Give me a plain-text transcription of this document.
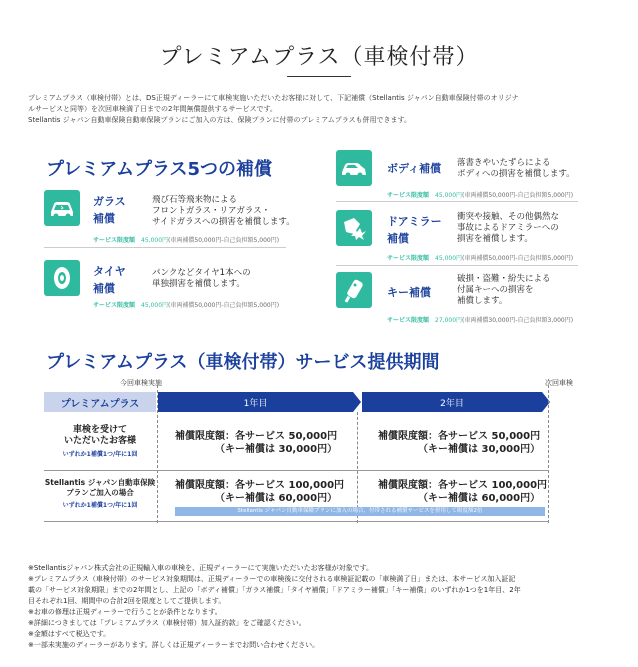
プレミアムプラス（車検付帯）
プレミアムプラス（車検付帯）とは、DS正規ディーラーにて車検実施いただいたお客様に対して、下記補償（Stellantis ジャパン自動車保険付帯のオリジナ
ルサービスと同等）を次回車検満了日までの2年間無償提供するサービスです。
Stellantis ジャパン自動車保険自動車保険プランにご加入の方は、保険プランに付帯のプレミアムプラスも併用できます。
プレミアムプラス5つの補償
ガラス
補償
飛び石等飛来物による
フロントガラス・リアガラス・
サイドガラスへの損害を補償します。
サービス限度額　 45,000円(車両補償50,000円-自己負担額5,000円)
タイヤ
補償
パンクなどタイヤ1本への
単独損害を補償します。
サービス限度額　 45,000円(車両補償50,000円-自己負担額5,000円)
ボディ補償 落書きやいたずらによる
ボディへの損害を補償します。
サービス限度額　 45,000円(車両補償50,000円-自己負担額5,000円)
ドアミラー
補償
衝突や接触、その他偶然な
事故によるドアミラーへの
損害を補償します。
サービス限度額　 45,000円(車両補償50,000円-自己負担額5,000円)
キー補償
破損・盗難・紛失による
付属キーへの損害を
補償します。
サービス限度額　 27,000円(車両補償30,000円-自己負担額3,000円)
プレミアムプラス（車検付帯）サービス提供期間
今回車検実施	次回車検
プレミアムプラス	1年目	2年目
車検を受けて
いただいたお客様
いずれか1補償1つ/年に1回
補償限度額：各サービス 50,000円
（キー補償は 30,000円）
補償限度額：各サービス 50,000円
（キー補償は 30,000円）
Stellantis ジャパン自動車保険
プランご加入の場合
いずれか1補償1つ/年に1回
補償限度額：各サービス 100,000円
（キー補償は 60,000円）
補償限度額：各サービス 100,000円
（キー補償は 60,000円）
Stellantis ジャパン自動車保険プランに加入の場合、付帯される補償サービスを併用して限度額2倍
※Stellantisジャパン株式会社の正規輸入車の車検を、正規ディーラーにて実施いただいたお客様が対象です。
※プレミアムプラス（車検付帯）のサービス対象期間は、正規ディーラーでの車検後に交付される車検証記載の「車検満了日」または、本サービス加入証記
載の「サービス対象期限」までの2年間とし、上記の「ボディ補償」「ガラス補償」「タイヤ補償」「ドアミラー補償」「キー補償」のいずれか1つを1年目、2年
目それぞれ1回、期間中の合計2回を限度としてご提供します。
※お車の修理は正規ディーラーで行うことが条件となります。
※詳細につきましては「プレミアムプラス（車検付帯）加入証約款」をご確認ください。
※金額はすべて税込です。
※一部未実施のディーラーがあります。詳しくは正規ディーラーまでお問い合わせください。
